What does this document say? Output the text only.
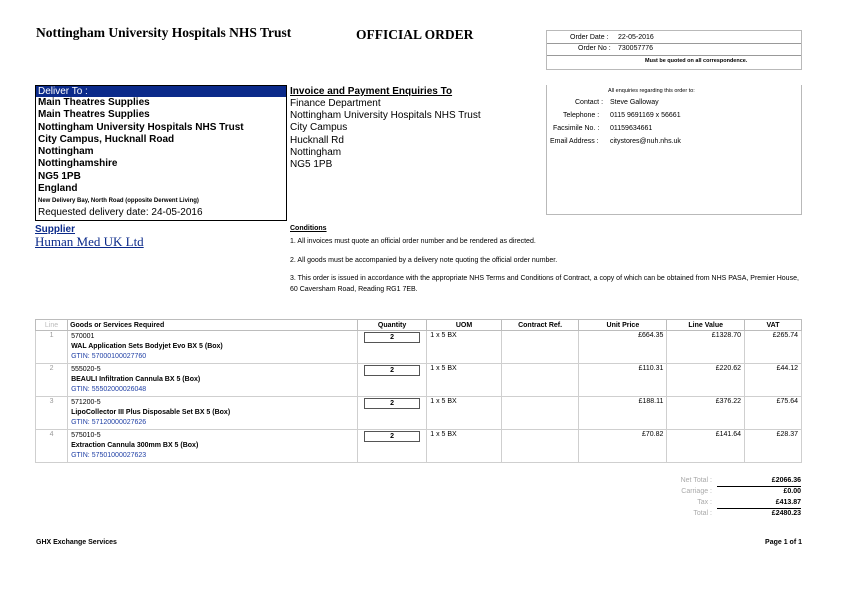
Nottingham University Hospitals NHS Trust	OFFICIAL ORDER	Order Date : 22-05-2016
Order No : 730057776
Must be quoted on all correspondence.
Deliver To :
Main Theatres Supplies
Main Theatres Supplies
Nottingham University Hospitals NHS Trust
City Campus, Hucknall Road
Nottingham
Nottinghamshire
NG5 1PB
England
New Delivery Bay, North Road (opposite Derwent Living)
Requested delivery date: 24-05-2016
Invoice and Payment Enquiries To
Finance Department
Nottingham University Hospitals NHS Trust
City Campus
Hucknall Rd
Nottingham
NG5 1PB
All enquiries regarding this order to:
Contact : Steve Galloway
Telephone : 0115 9691169 x 56661
Facsimile No. : 01159634661
Email Address : citystores@nuh.nhs.uk
Supplier
Human Med UK Ltd
Conditions
1. All invoices must quote an official order number and be rendered as directed.
2. All goods must be accompanied by a delivery note quoting the official order number.
3. This order is issued in accordance with the appropriate NHS Terms and Conditions of Contract, a copy of which can be obtained from NHS PASA, Premier House, 60 Caversham Road, Reading RG1 7EB.
Line	Goods or Services Required	Quantity	UOM	Contract Ref.	Unit Price	Line Value	VAT
1	570001
WAL Application Sets Bodyjet Evo BX 5 (Box)
GTIN: 57000100027760	2	1 x 5 BX		£664.35	£1328.70	£265.74
2	555020-5
BEAULI Infiltration Cannula BX 5 (Box)
GTIN: 55502000026048	2	1 x 5 BX		£110.31	£220.62	£44.12
3	571200-5
LipoCollector III Plus Disposable Set BX 5 (Box)
GTIN: 57120000027626	2	1 x 5 BX		£188.11	£376.22	£75.64
4	575010-5
Extraction Cannula 300mm BX 5 (Box)
GTIN: 57501000027623	2	1 x 5 BX		£70.82	£141.64	£28.37
Net Total :	£2066.36
Carriage :	£0.00
Tax :	£413.87
Total :	£2480.23
GHX Exchange Services	Page 1 of 1
